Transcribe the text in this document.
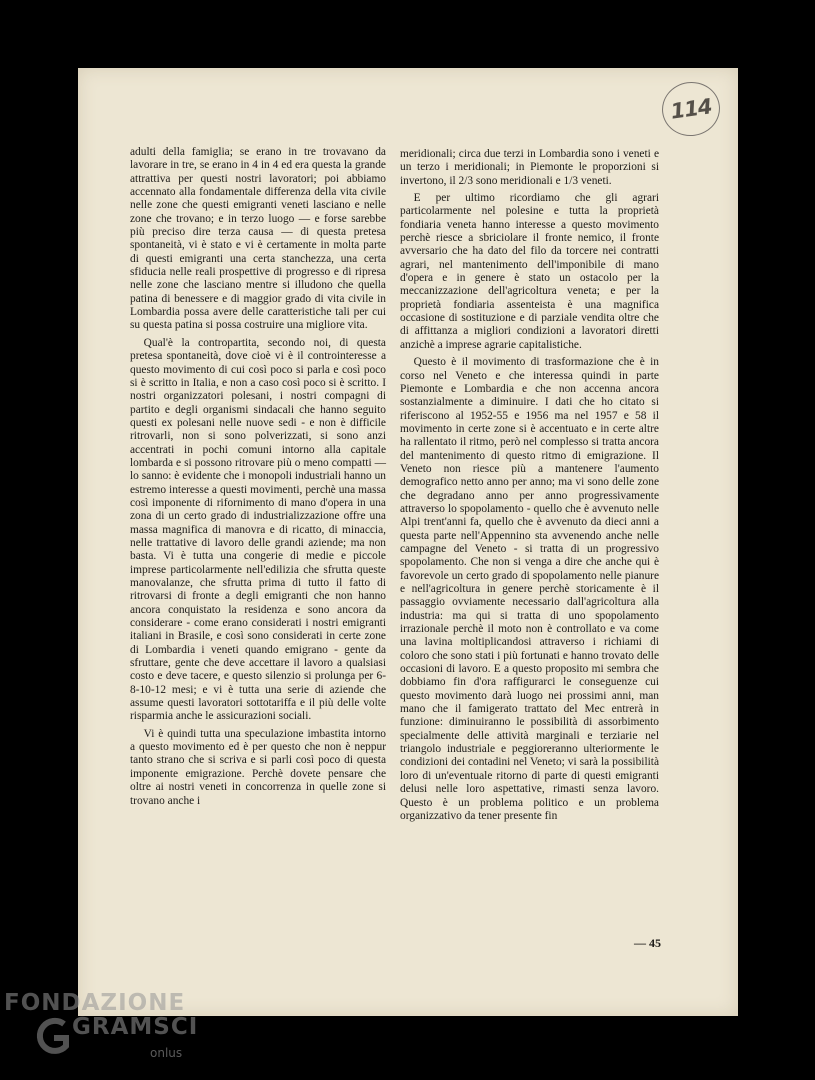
114

adulti della famiglia; se erano in tre trovavano da lavorare in tre, se erano in 4 in 4 ed era questa la grande attrattiva per questi nostri lavoratori; poi abbiamo accennato alla fondamentale differenza della vita civile nelle zone che questi emigranti veneti lasciano e nelle zone che trovano; e in terzo luogo — e forse sarebbe più preciso dire terza causa — di questa pretesa spontaneità, vi è stato e vi è certamente in molta parte di questi emigranti una certa stanchezza, una certa sfiducia nelle reali prospettive di progresso e di ripresa nelle zone che lasciano mentre si illudono che quella patina di benessere e di maggior grado di vita civile in Lombardia possa avere delle caratteristiche tali per cui su questa patina si possa costruire una migliore vita.

Qual'è la contropartita, secondo noi, di questa pretesa spontaneità, dove cioè vi è il controinteresse a questo movimento di cui così poco si parla e così poco si è scritto in Italia, e non a caso così poco si è scritto. I nostri organizzatori polesani, i nostri compagni di partito e degli organismi sindacali che hanno seguito questi ex polesani nelle nuove sedi - e non è difficile ritrovarli, non si sono polverizzati, si sono anzi accentrati in pochi comuni intorno alla capitale lombarda e si possono ritrovare più o meno compatti — lo sanno: è evidente che i monopoli industriali hanno un estremo interesse a questi movimenti, perchè una massa così imponente di rifornimento di mano d'opera in una zona di un certo grado di industrializzazione offre una massa magnifica di manovra e di ricatto, di minaccia, nelle trattative di lavoro delle grandi aziende; ma non basta. Vi è tutta una congerie di medie e piccole imprese particolarmente nell'edilizia che sfrutta queste manovalanze, che sfrutta prima di tutto il fatto di ritrovarsi di fronte a degli emigranti che non hanno ancora conquistato la residenza e sono ancora da considerare - come erano considerati i nostri emigranti italiani in Brasile, e così sono considerati in certe zone di Lombardia i veneti quando emigrano - gente da sfruttare, gente che deve accettare il lavoro a qualsiasi costo e deve tacere, e questo silenzio si prolunga per 6-8-10-12 mesi; e vi è tutta una serie di aziende che assume questi lavoratori sottotariffa e il più delle volte risparmia anche le assicurazioni sociali.

Vi è quindi tutta una speculazione imbastita intorno a questo movimento ed è per questo che non è neppur tanto strano che si scriva e si parli così poco di questa imponente emigrazione. Perchè dovete pensare che oltre ai nostri veneti in concorrenza in quelle zone si trovano anche i

meridionali; circa due terzi in Lombardia sono i veneti e un terzo i meridionali; in Piemonte le proporzioni si invertono, il 2/3 sono meridionali e 1/3 veneti.

E per ultimo ricordiamo che gli agrari particolarmente nel polesine e tutta la proprietà fondiaria veneta hanno interesse a questo movimento perchè riesce a sbriciolare il fronte nemico, il fronte avversario che ha dato del filo da torcere nei contratti agrari, nel mantenimento dell'imponibile di mano d'opera e in genere è stato un ostacolo per la meccanizzazione dell'agricoltura veneta; e per la proprietà fondiaria assenteista è una magnifica occasione di sostituzione e di parziale vendita oltre che di affittanza a migliori condizioni a lavoratori diretti anzichè a imprese agrarie capitalistiche.

Questo è il movimento di trasformazione che è in corso nel Veneto e che interessa quindi in parte Piemonte e Lombardia e che non accenna ancora sostanzialmente a diminuire. I dati che ho citato si riferiscono al 1952-55 e 1956 ma nel 1957 e 58 il movimento in certe zone si è accentuato e in certe altre ha rallentato il ritmo, però nel complesso si tratta ancora del mantenimento di questo ritmo di emigrazione. Il Veneto non riesce più a mantenere l'aumento demografico netto anno per anno; ma vi sono delle zone che degradano anno per anno progressivamente attraverso lo spopolamento - quello che è avvenuto nelle Alpi trent'anni fa, quello che è avvenuto da dieci anni a questa parte nell'Appennino sta avvenendo anche nelle campagne del Veneto - si tratta di un progressivo spopolamento. Che non si venga a dire che anche qui è favorevole un certo grado di spopolamento nelle pianure e nell'agricoltura in genere perchè storicamente è il passaggio ovviamente necessario dall'agricoltura alla industria: ma qui si tratta di uno spopolamento irrazionale perchè il moto non è controllato e va come una lavina moltiplicandosi attraverso i richiami di coloro che sono stati i più fortunati e hanno trovato delle occasioni di lavoro. E a questo proposito mi sembra che dobbiamo fin d'ora raffigurarci le conseguenze cui questo movimento darà luogo nei prossimi anni, man mano che il famigerato trattato del Mec entrerà in funzione: diminuiranno le possibilità di assorbimento specialmente delle attività marginali e terziarie nel triangolo industriale e peggioreranno ulteriormente le condizioni dei contadini nel Veneto; vi sarà la possibilità loro di un'eventuale ritorno di parte di questi emigranti delusi nelle loro aspettative, rimasti senza lavoro. Questo è un problema politico e un problema organizzativo da tener presente fin

— 45
FONDAZIONE
GRAMSCI
onlus
